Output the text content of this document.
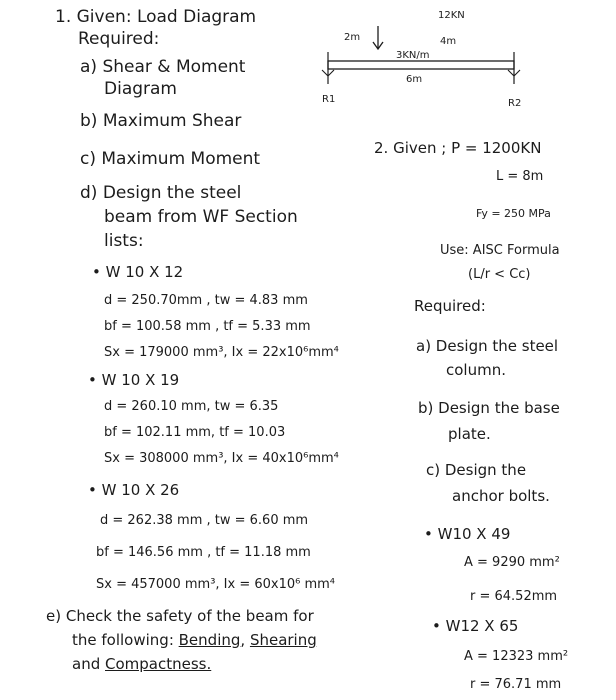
1. Given: Load Diagram
Required:
a) Shear & Moment
Diagram
b) Maximum Shear
c) Maximum Moment
d) Design the steel
beam from WF Section
lists:
• W 10 X 12
d = 250.70mm , tw = 4.83 mm
bf = 100.58 mm , tf = 5.33 mm
Sx = 179000 mm³, Ix = 22x10⁶mm⁴
• W 10 X 19
d = 260.10 mm, tw = 6.35
bf = 102.11 mm, tf = 10.03
Sx = 308000 mm³, Ix = 40x10⁶mm⁴
• W 10 X 26
d = 262.38 mm , tw = 6.60 mm
bf = 146.56 mm , tf = 11.18 mm
Sx = 457000 mm³, Ix = 60x10⁶ mm⁴
e) Check the safety of the beam for
the following: Bending, Shearing
and Compactness.
12KN
2m	4m
3KN/m
6m
R1	R2
2. Given ; P = 1200KN
L = 8m
Fy = 250 MPa
Use: AISC Formula
(L/r < Cc)
Required:
a) Design the steel
column.
b) Design the base
plate.
c) Design the
anchor bolts.
• W10 X 49
A = 9290 mm²
r = 64.52mm
• W12 X 65
A = 12323 mm²
r = 76.71 mm
